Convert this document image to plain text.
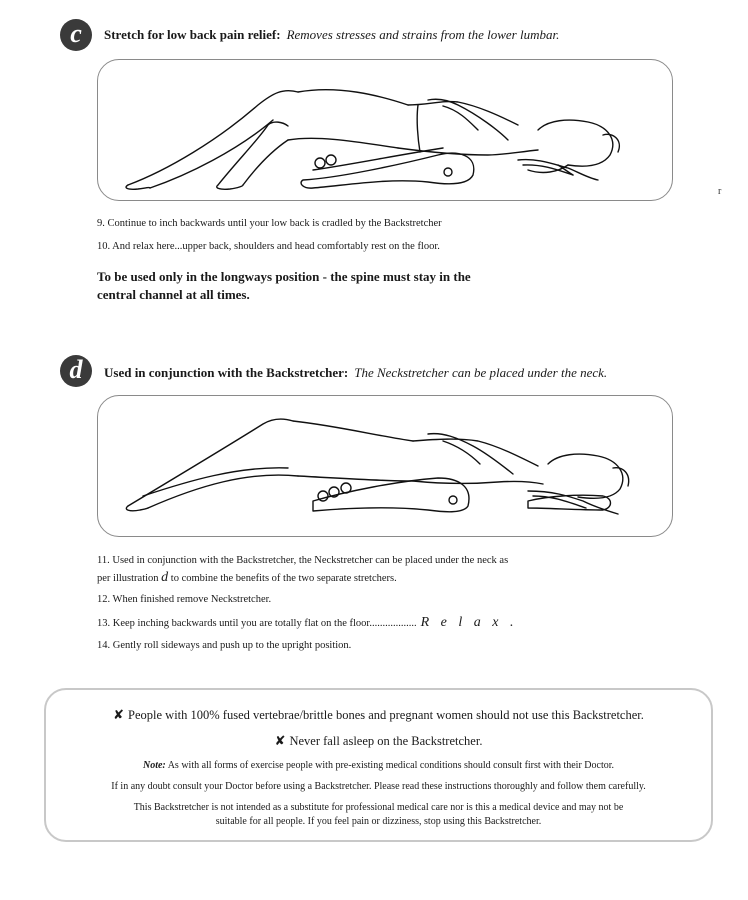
c	Stretch for low back pain relief: Removes stresses and strains from the lower lumbar.
9. Continue to inch backwards until your low back is cradled by the Backstretcher
10. And relax here...upper back, shoulders and head comfortably rest on the floor.
To be used only in the longways position - the spine must stay in the
central channel at all times.
d	Used in conjunction with the Backstretcher: The Neckstretcher can be placed under the neck.
11. Used in conjunction with the Backstretcher, the Neckstretcher can be placed under the neck as
per illustration d to combine the benefits of the two separate stretchers.
12. When finished remove Neckstretcher.
13. Keep inching backwards until you are totally flat on the floor.................. R e l a x .
14. Gently roll sideways and push up to the upright position.
✘ People with 100% fused vertebrae/brittle bones and pregnant women should not use this Backstretcher.
✘ Never fall asleep on the Backstretcher.
Note: As with all forms of exercise people with pre-existing medical conditions should consult first with their Doctor.
If in any doubt consult your Doctor before using a Backstretcher. Please read these instructions thoroughly and follow them carefully.
This Backstretcher is not intended as a substitute for professional medical care nor is this a medical device and may not be
suitable for all people. If you feel pain or dizziness, stop using this Backstretcher.
r
